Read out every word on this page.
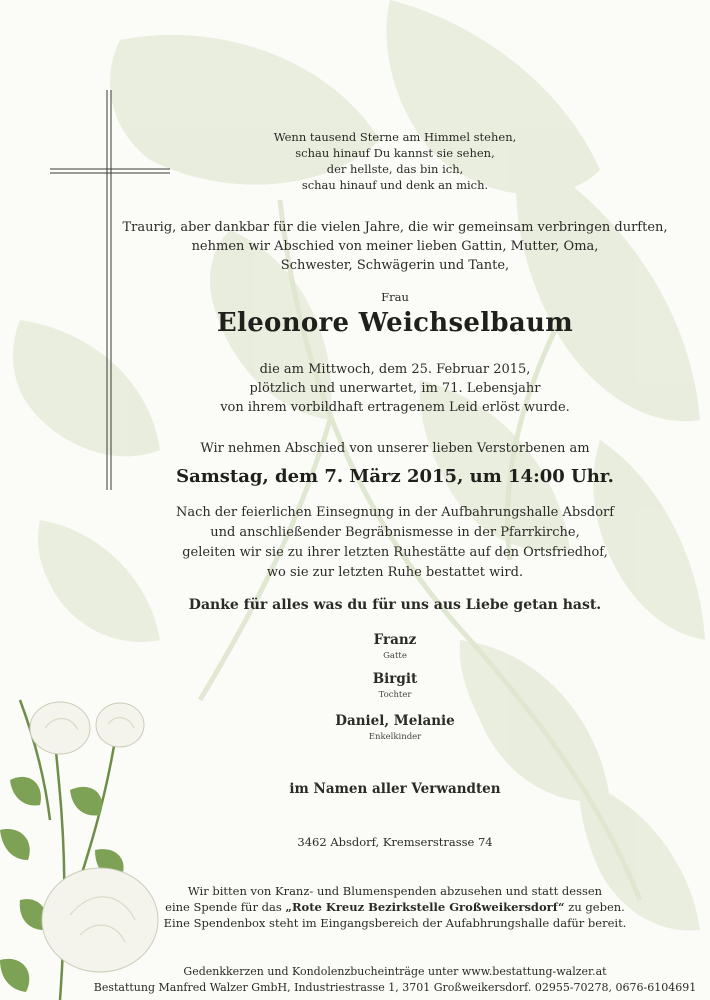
Wenn tausend Sterne am Himmel stehen,
schau hinauf Du kannst sie sehen,
der hellste, das bin ich,
schau hinauf und denk an mich.
Traurig, aber dankbar für die vielen Jahre, die wir gemeinsam verbringen durften,
nehmen wir Abschied von meiner lieben Gattin, Mutter, Oma,
Schwester, Schwägerin und Tante,
Frau
Eleonore Weichselbaum
die am Mittwoch, dem 25. Februar 2015,
plötzlich und unerwartet, im 71. Lebensjahr
von ihrem vorbildhaft ertragenem Leid erlöst wurde.
Wir nehmen Abschied von unserer lieben Verstorbenen am
Samstag, dem 7. März 2015, um 14:00 Uhr.
Nach der feierlichen Einsegnung in der Aufbahrungshalle Absdorf
und anschließender Begräbnismesse in der Pfarrkirche,
geleiten wir sie zu ihrer letzten Ruhestätte auf den Ortsfriedhof,
wo sie zur letzten Ruhe bestattet wird.
Danke für alles was du für uns aus Liebe getan hast.
Franz
Gatte
Birgit
Tochter
Daniel, Melanie
Enkelkinder
im Namen aller Verwandten
3462 Absdorf, Kremserstrasse 74
Wir bitten von Kranz- und Blumenspenden abzusehen und statt dessen
eine Spende für das „Rote Kreuz Bezirkstelle Großweikersdorf“ zu geben.
Eine Spendenbox steht im Eingangsbereich der Aufabhrungshalle dafür bereit.
Gedenkkerzen und Kondolenzbucheinträge unter www.bestattung-walzer.at
Bestattung Manfred Walzer GmbH, Industriestrasse 1, 3701 Großweikersdorf. 02955-70278, 0676-6104691
